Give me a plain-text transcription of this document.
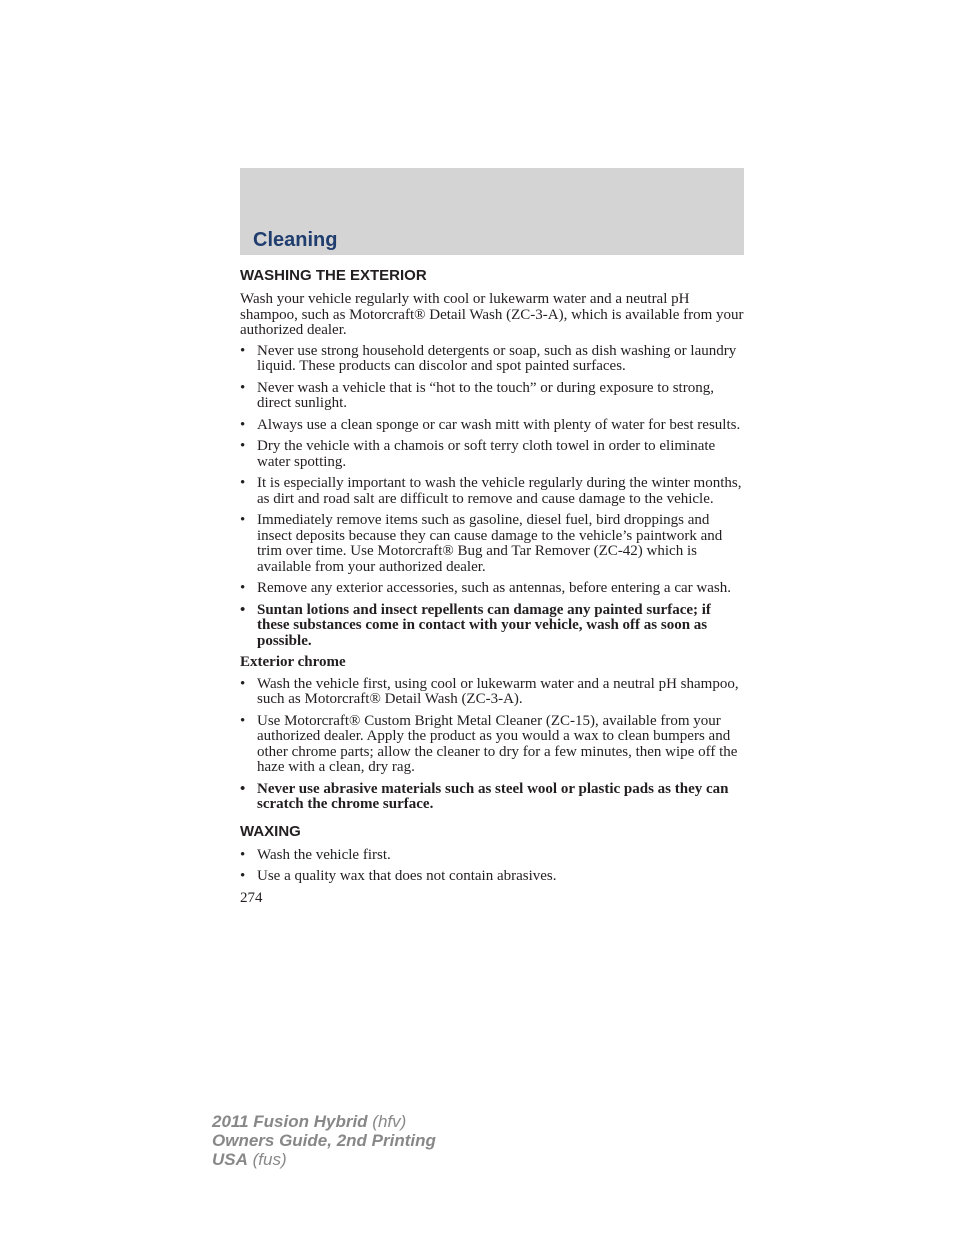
Cleaning
WASHING THE EXTERIOR

Wash your vehicle regularly with cool or lukewarm water and a neutral pH shampoo, such as Motorcraft® Detail Wash (ZC-3-A), which is available from your authorized dealer.

• Never use strong household detergents or soap, such as dish washing or laundry liquid. These products can discolor and spot painted surfaces.
• Never wash a vehicle that is “hot to the touch” or during exposure to strong, direct sunlight.
• Always use a clean sponge or car wash mitt with plenty of water for best results.
• Dry the vehicle with a chamois or soft terry cloth towel in order to eliminate water spotting.
• It is especially important to wash the vehicle regularly during the winter months, as dirt and road salt are difficult to remove and cause damage to the vehicle.
• Immediately remove items such as gasoline, diesel fuel, bird droppings and insect deposits because they can cause damage to the vehicle’s paintwork and trim over time. Use Motorcraft® Bug and Tar Remover (ZC-42) which is available from your authorized dealer.
• Remove any exterior accessories, such as antennas, before entering a car wash.
• Suntan lotions and insect repellents can damage any painted surface; if these substances come in contact with your vehicle, wash off as soon as possible.
Exterior chrome
• Wash the vehicle first, using cool or lukewarm water and a neutral pH shampoo, such as Motorcraft® Detail Wash (ZC-3-A).
• Use Motorcraft® Custom Bright Metal Cleaner (ZC-15), available from your authorized dealer. Apply the product as you would a wax to clean bumpers and other chrome parts; allow the cleaner to dry for a few minutes, then wipe off the haze with a clean, dry rag.
• Never use abrasive materials such as steel wool or plastic pads as they can scratch the chrome surface.
WAXING
• Wash the vehicle first.
• Use a quality wax that does not contain abrasives.
274
2011 Fusion Hybrid (hfv)
Owners Guide, 2nd Printing
USA (fus)
